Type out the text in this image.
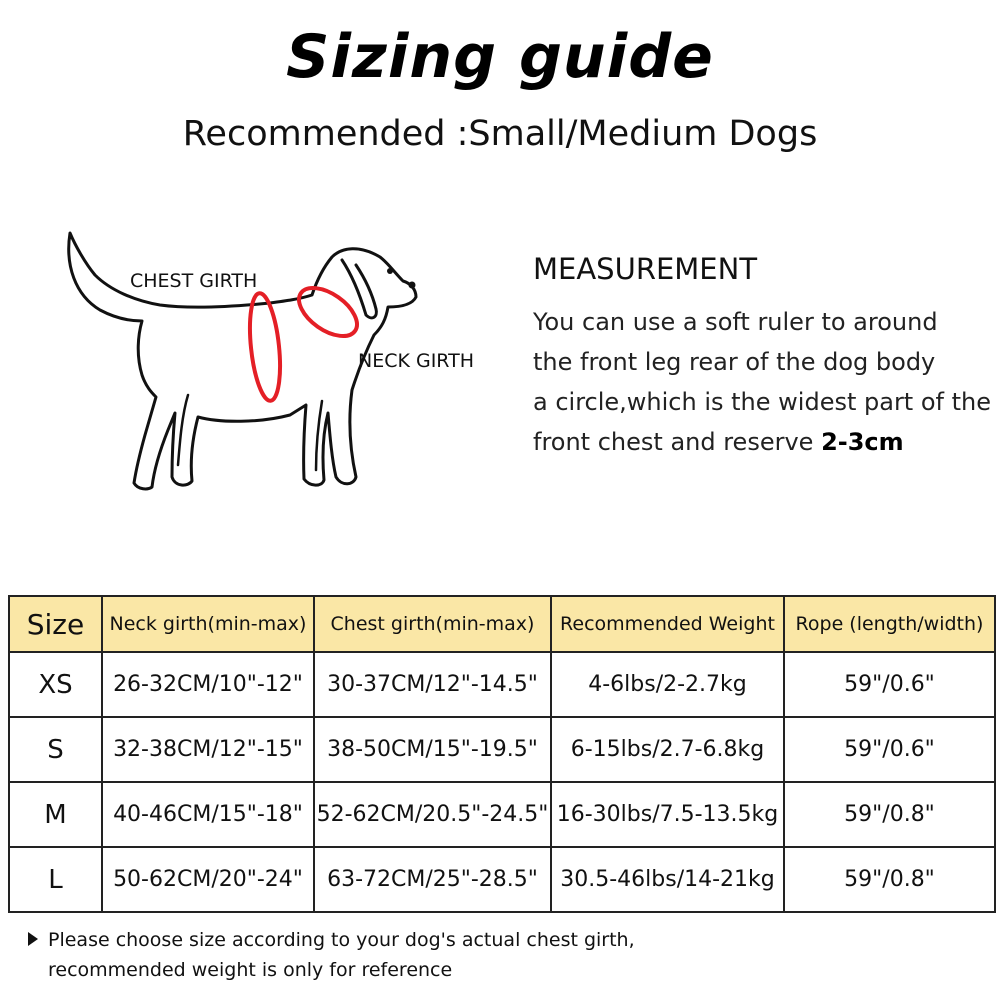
Sizing guide
Recommended :Small/Medium Dogs
CHEST GIRTH
NECK GIRTH
MEASUREMENT
You can use a soft ruler to around
the front leg rear of the dog body
a circle,which is the widest part of the
front chest and reserve 2-3cm
Size	Neck girth(min-max)	Chest girth(min-max)	Recommended Weight	Rope (length/width)
XS	26-32CM/10"-12"	30-37CM/12"-14.5"	4-6lbs/2-2.7kg	59"/0.6"
S	32-38CM/12"-15"	38-50CM/15"-19.5"	6-15lbs/2.7-6.8kg	59"/0.6"
M	40-46CM/15"-18"	52-62CM/20.5"-24.5"	16-30lbs/7.5-13.5kg	59"/0.8"
L	50-62CM/20"-24"	63-72CM/25"-28.5"	30.5-46lbs/14-21kg	59"/0.8"
Please choose size according to your dog's actual chest girth,
recommended weight is only for reference
